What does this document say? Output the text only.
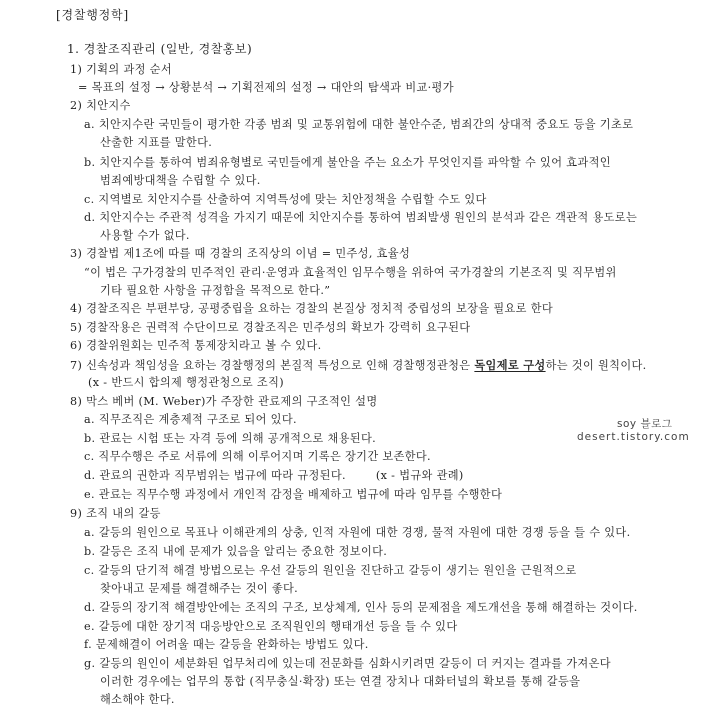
[경찰행정학]
1. 경찰조직관리 (일반, 경찰홍보)
1) 기획의 과정 순서
= 목표의 설정 → 상황분석 → 기획전제의 설정 → 대안의 탐색과 비교·평가
2) 치안지수
a. 치안지수란 국민들이 평가한 각종 범죄 및 교통위험에 대한 불안수준, 범죄간의 상대적 중요도 등을 기초로
산출한 지표를 말한다.
b. 치안지수를 통하여 범죄유형별로 국민들에게 불안을 주는 요소가 무엇인지를 파악할 수 있어 효과적인
범죄예방대책을 수립할 수 있다.
c. 지역별로 치안지수를 산출하여 지역특성에 맞는 치안정책을 수립할 수도 있다
d. 치안지수는 주관적 성격을 가지기 때문에 치안지수를 통하여 범죄발생 원인의 분석과 같은 객관적 용도로는
사용할 수가 없다.
3) 경찰법 제1조에 따를 때 경찰의 조직상의 이념 = 민주성, 효율성
“이 법은 구가경찰의 민주적인 관리·운영과 효율적인 임무수행을 위하여 국가경찰의 기본조직 및 직무범위
기타 필요한 사항을 규정함을 목적으로 한다.”
4) 경찰조직은 부편부당, 공평중립을 요하는 경찰의 본질상 정치적 중립성의 보장을 필요로 한다
5) 경찰작용은 권력적 수단이므로 경찰조직은 민주성의 확보가 강력히 요구된다
6) 경찰위원회는 민주적 통제장치라고 볼 수 있다.
7) 신속성과 책임성을 요하는 경찰행정의 본질적 특성으로 인해 경찰행정관청은 독임제로 구성하는 것이 원칙이다.
(x - 반드시 합의제 행정관청으로 조직)
8) 막스 베버 (M. Weber)가 주장한 관료제의 구조적인 설명
a. 직무조직은 계층제적 구조로 되어 있다.
b. 관료는 시험 또는 자격 등에 의해 공개적으로 채용된다.
c. 직무수행은 주로 서류에 의해 이루어지며 기록은 장기간 보존한다.
d. 관료의 권한과 직무범위는 법규에 따라 규정된다.	(x - 법규와 관례)
e. 관료는 직무수행 과정에서 개인적 감정을 배제하고 법규에 따라 임무를 수행한다
9) 조직 내의 갈등
a. 갈등의 원인으로 목표나 이해관계의 상충, 인적 자원에 대한 경쟁, 물적 자원에 대한 경쟁 등을 들 수 있다.
b. 갈등은 조직 내에 문제가 있음을 알리는 중요한 정보이다.
c. 갈등의 단기적 해결 방법으로는 우선 갈등의 원인을 진단하고 갈등이 생기는 원인을 근원적으로
찾아내고 문제를 해결해주는 것이 좋다.
d. 갈등의 장기적 해결방안에는 조직의 구조, 보상체계, 인사 등의 문제점을 제도개선을 통해 해결하는 것이다.
e. 갈등에 대한 장기적 대응방안으로 조직원인의 행태개선 등을 들 수 있다
f. 문제해결이 어려울 때는 갈등을 완화하는 방법도 있다.
g. 갈등의 원인이 세분화된 업무처리에 있는데 전문화를 심화시키려면 갈등이 더 커지는 결과를 가져온다
이러한 경우에는 업무의 통합 (직무충실·확장) 또는 연결 장치나 대화터널의 확보를 통해 갈등을
해소해야 한다.
soy 블로그
desert.tistory.com
